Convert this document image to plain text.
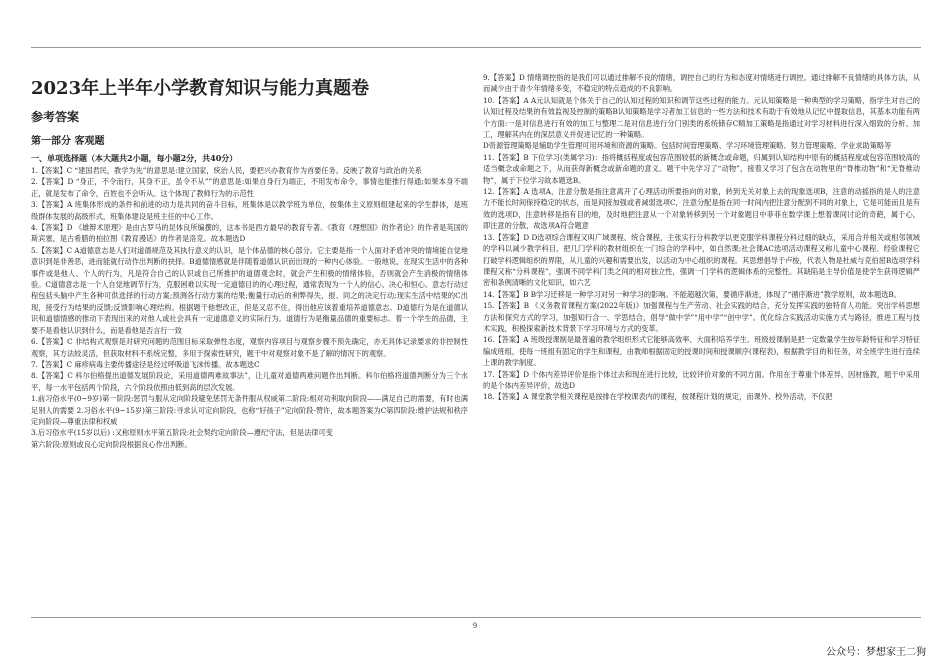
2023年上半年小学教育知识与能力真题卷

参考答案

第一部分 客观题

一、单项选择题（本大题共2小题，每小题2分，共40分）

1.【答案】C “建国君民，教学为先”的意思是:建立国家，统治人民，要把兴办教育作为首要任务。反映了教育与政治的关系

2.【答案】D “身正，不令而行，其身不正，虽令不从””的意思是:如果自身行为端正，不用发布命令，事情也能推行得通;如果本身不端正，就是发布了命令，百姓也不会听从。这个体现了教师行为的示范性

3.【答案】A 班集体形成的条件和前进的动力是共同的奋斗目标，班集体是以教学班为单位，按集体主义原则组建起来的学生群体，是班级群体发展的高级形式，班集体建设是班主任的中心工作。

4.【答案】D 《雄辩术原理》是由古罗马的昆体良所编撰的，这本书是西方最早的教育专著。《教育《理想国》的作者论》的作者是英国的斯宾塞，是古希腊的柏拉图《教育漫话》的作者是洛克。故本题选D

5.【答案】C A道德意志是人们对道德规范及其执行意义的认识，是个体品德的核心部分。它主要是指一个人面对矛盾冲突的情境能自觉地意识到是非善恶，进而能就行动作出判断的抉择。B道德情感就是伴随着道德认识而出现的一种内心体验。一般地说，在现实生活中的各种事件或是他人、个人的行为，凡是符合自己的认识或自己所推护的道德观念时，就会产生积极的情绪体验，否则就会产生消极的情绪体验。C道德意志是一个人自觉地调节行为，克服困难以实现一定道德目的的心理过程，通常表现为一个人的信心、决心和恒心。意志行动过程包括头脑中产生各种可供选择的行动方案;预测各行动方案的结果;衡量行动后的利弊得失，报、同之的决定行动;现实生活中结果的C出现，接受行为结果的反馈;反馈影响心理结构。根据题干他想改正，但是又忍不住，得出他应该着重培养道德意志。D道德行为是在道德认识和道德情感的推动下表现出来的对他人或社会具有一定道德意义的实际行为。道德行为是衡量品德的重要标志。着一个学生的品德，主要不是看他认识到什么，而是看他是否言行一致

6.【答案】C 非结构式观察是对研究问题的范围目标采取弹性态度，观察内容项目与观察步骤不预先确定，亦无具体记录要求的非控制性观察，其方法较灵活，但获取材料不系统完整，多用于探索性研究，题干中对观察对象不是了解的情况下的观察。

7.【答案】C 麻疹病毒主要传播途径是经过呼吸道飞沫传播。故本题选C

8.【答案】C 科尔伯格提出道德发展阶段论，采用道德两难故事法”，让儿童对道德两难问题作出判断。科尔伯格将道德判断分为三个水平，每一水平包括两个阶段，六个阶段依照由低到高的层次发展。

1.前习俗水平(0~9岁)第一阶段:惩罚与服从定向阶段避免惩罚无条件服从权威第二阶段:相对功利取向阶段——满足自己的需要，有时也满足别人的需要 2.习俗水平(9~15岁)第三阶段:寻求认可定向阶段，也称“好孩子”定向阶段-赞许，故本题答案为C第四阶段:维护法规和秩序定向阶段—尊重法律和权威

3.后习俗水平(15岁以后) :又称原则水平第五阶段:社会契约定向阶段—遵纪守法，但是法律可变

第六阶段:原则或良心定向阶段根据良心作出判断。

9.【答案】D 情绪调控指的是我们可以通过排解不良的情绪，调控自己的行为和态度对情绪进行调控。通过排解不良情绪的具体方法，从而减少由于青少年情绪多变，不稳定的特点造成的不良影响。

10.【答案】A A元认知就是个体关于自己的认知过程的知识和调节这些过程的能力。元认知策略是一种典型的学习策略，指学生对自己的认知过程及结果的有效监视及控制的策略B认知策略是学习者加工信息的一些方法和技术有助于有效地从记忆中提取信息，其基本功能有两个方面:一是对信息进行有效的加工与整理二是对信息进行分门别类的系统储存C精加工策略是指通过对学习材料进行深入细致的分析、加工，理解其内在的深层意义并促进记忆的一种策略。

D资源管理策略是辅助学生管理可用环境和资源的策略。包括时间管理策略、学习环境管理策略、努力管理策略、学业求助策略等

11.【答案】B 下位学习(类属学习)：指将概括程度或包容范围较低的新概念或命题，归属到认知结构中原有的概括程度或包容范围较高的适当概念或命题之下，从而获得新概念或新命题的意义。题干中先学习了“动物”，接着又学习了包含在动物里的“脊椎动物”和“无脊椎动物”，属于下位学习故本题选B。

12.【答案】A 选项A，注意分散是指注意离开了心理活动所要指向的对象，转到无关对象上去的现象选项B，注意的动摇指的是人的注意力不能长时间保持稳定的状态，而是间接加强或者减弱选项C，注意分配是指在同一时间内把注意分配到不同的对象上，它是可能而且是有效的选项D，注意转移是指有目的地，及时地把注意从一个对象转移到另一个对象题目中菲菲在数学课上想着课间讨论的奇葩，属于心，即注意的分散，故选项A符合题意

13.【答案】D D选项综合课程又叫广域课程、统合课程，主张实行分科教学以更克服学科课程分科过细的缺点，采用合并相关或相邻领域的学科以减少教学科目，把几门学科的教材组织在一门综合的学科中，如自然课;社会课AC选项活动课程又称儿童中心课程、经验课程它打破学科逻辑组织的界限，从儿童的兴趣和需要出发，以活动为中心组织的课程。其思想倡导于卢梭，代表人物是杜威与克伯屈B选项学科课程又称“分科课程”，强调不同学科门类之间的相对独立性，强调一门学科的逻辑体系的完整性。其缺陷是主导价值是使学生获得逻辑严密和条例清晰的文化知识，如六艺

14.【答案】B B学习迁移是一种学习对另一种学习的影响。不能超越次第，要循序渐进，体现了“循序渐进”教学原则，故本题选B。

15.【答案】B 《义务教育课程方案(2022年版)》加强课程与生产劳动、社会实践的结合，充分发挥实践的独特育人功能。突出学科思想方法和探究方式的学习，加强知行合一、学思结合，倡导“做中学”“用中学”“创中学”。优化综合实践活动实施方式与路径，推进工程与技术实践，积极探索新技术背景下学习环境与方式的变革。

16.【答案】A 班级授课制是最普遍的教学组织形式它能够高效率、大面积培养学生。班级授课制是把一定数量学生按年龄特征和学习特征编成班组，使每一班组有固定的学生和课程，由教师根据固定的授课时间和授课顺序(课程表)，根据教学目的和任务，对全班学生进行连续上课的教学制度。

17.【答案】D 个体内差异评价是指个体过去和现在进行比较，比较评价对象的不同方面。作用在于尊重个体差异，因材施教，题干中采用的是个体内差异评价，故选D

18.【答案】A 课堂教学相关课程是按排在学校课表内的课程，按课程计划的规定，而课外、校外活动，不仅把

9
公众号：梦想家王二狗
